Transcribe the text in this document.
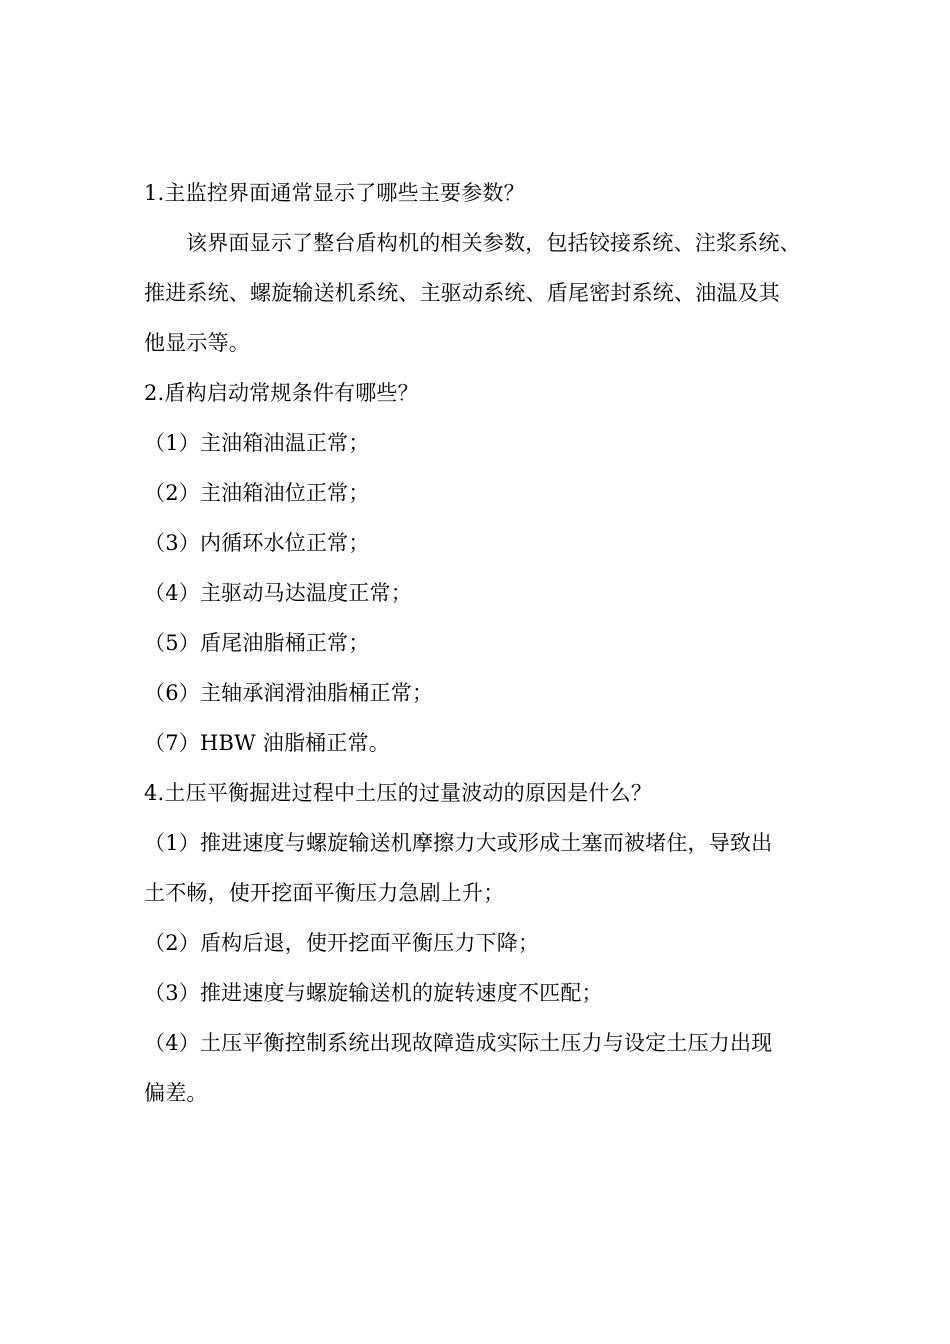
1.主监控界面通常显示了哪些主要参数？
该界面显示了整台盾构机的相关参数，包括铰接系统、注浆系统、
推进系统、螺旋输送机系统、主驱动系统、盾尾密封系统、油温及其
他显示等。
2.盾构启动常规条件有哪些？
（1）主油箱油温正常；
（2）主油箱油位正常；
（3）内循环水位正常；
（4）主驱动马达温度正常；
（5）盾尾油脂桶正常；
（6）主轴承润滑油脂桶正常；
（7）HBW 油脂桶正常。
4.土压平衡掘进过程中土压的过量波动的原因是什么？
（1）推进速度与螺旋输送机摩擦力大或形成土塞而被堵住，导致出
土不畅，使开挖面平衡压力急剧上升；
（2）盾构后退，使开挖面平衡压力下降；
（3）推进速度与螺旋输送机的旋转速度不匹配；
（4）土压平衡控制系统出现故障造成实际土压力与设定土压力出现
偏差。
